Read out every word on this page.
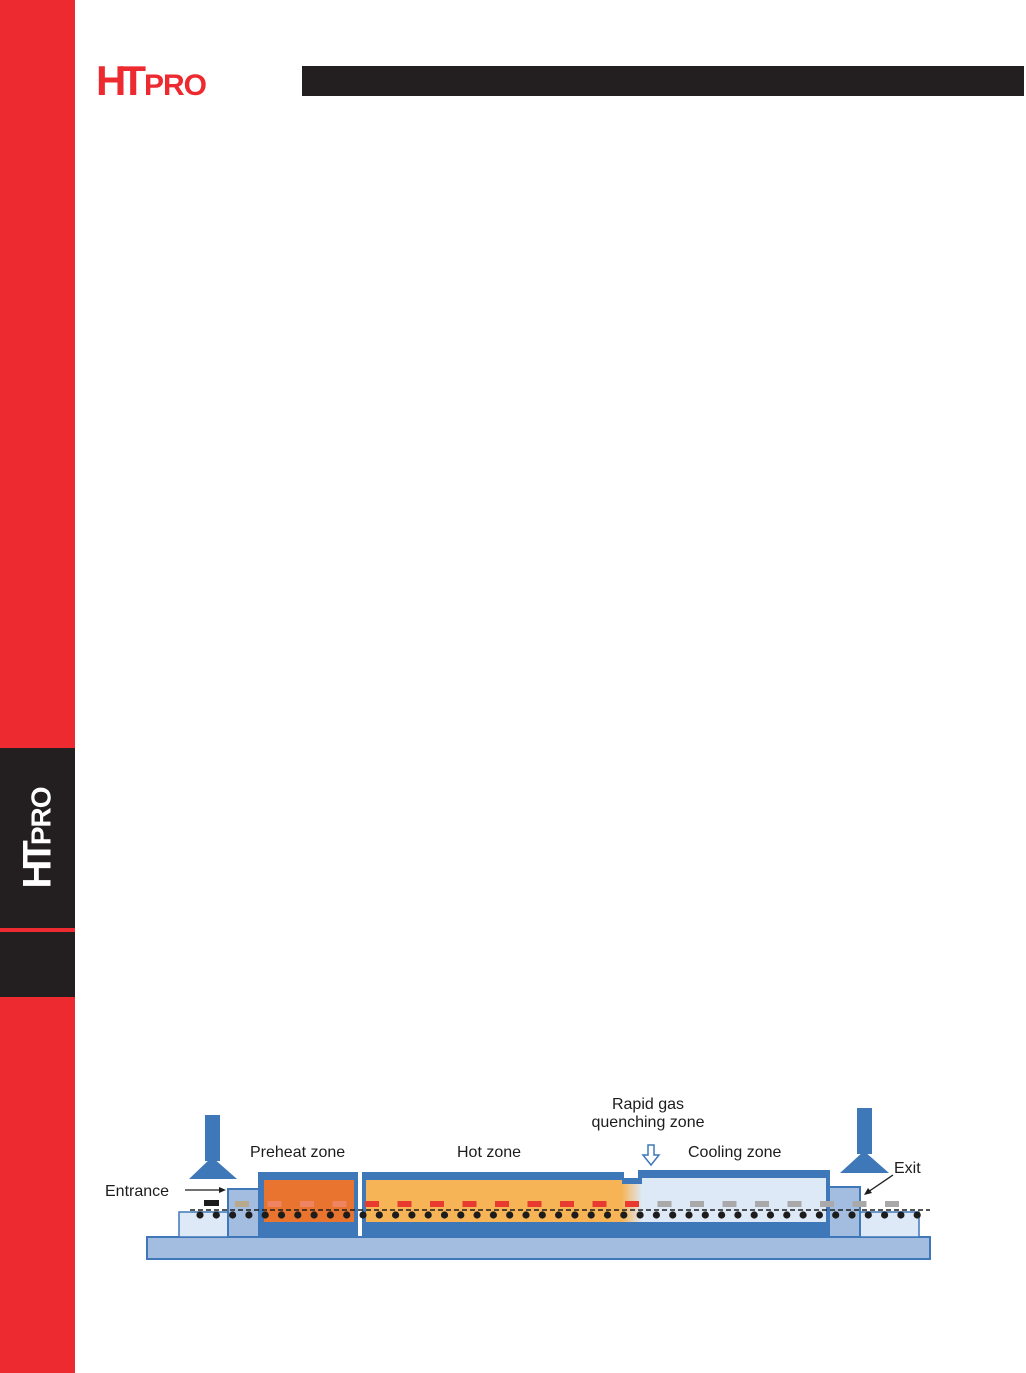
HTPRO
HT PRO
Entrance
Preheat zone	Hot zone
Rapid gas
quenching zone
Cooling zone
Exit
